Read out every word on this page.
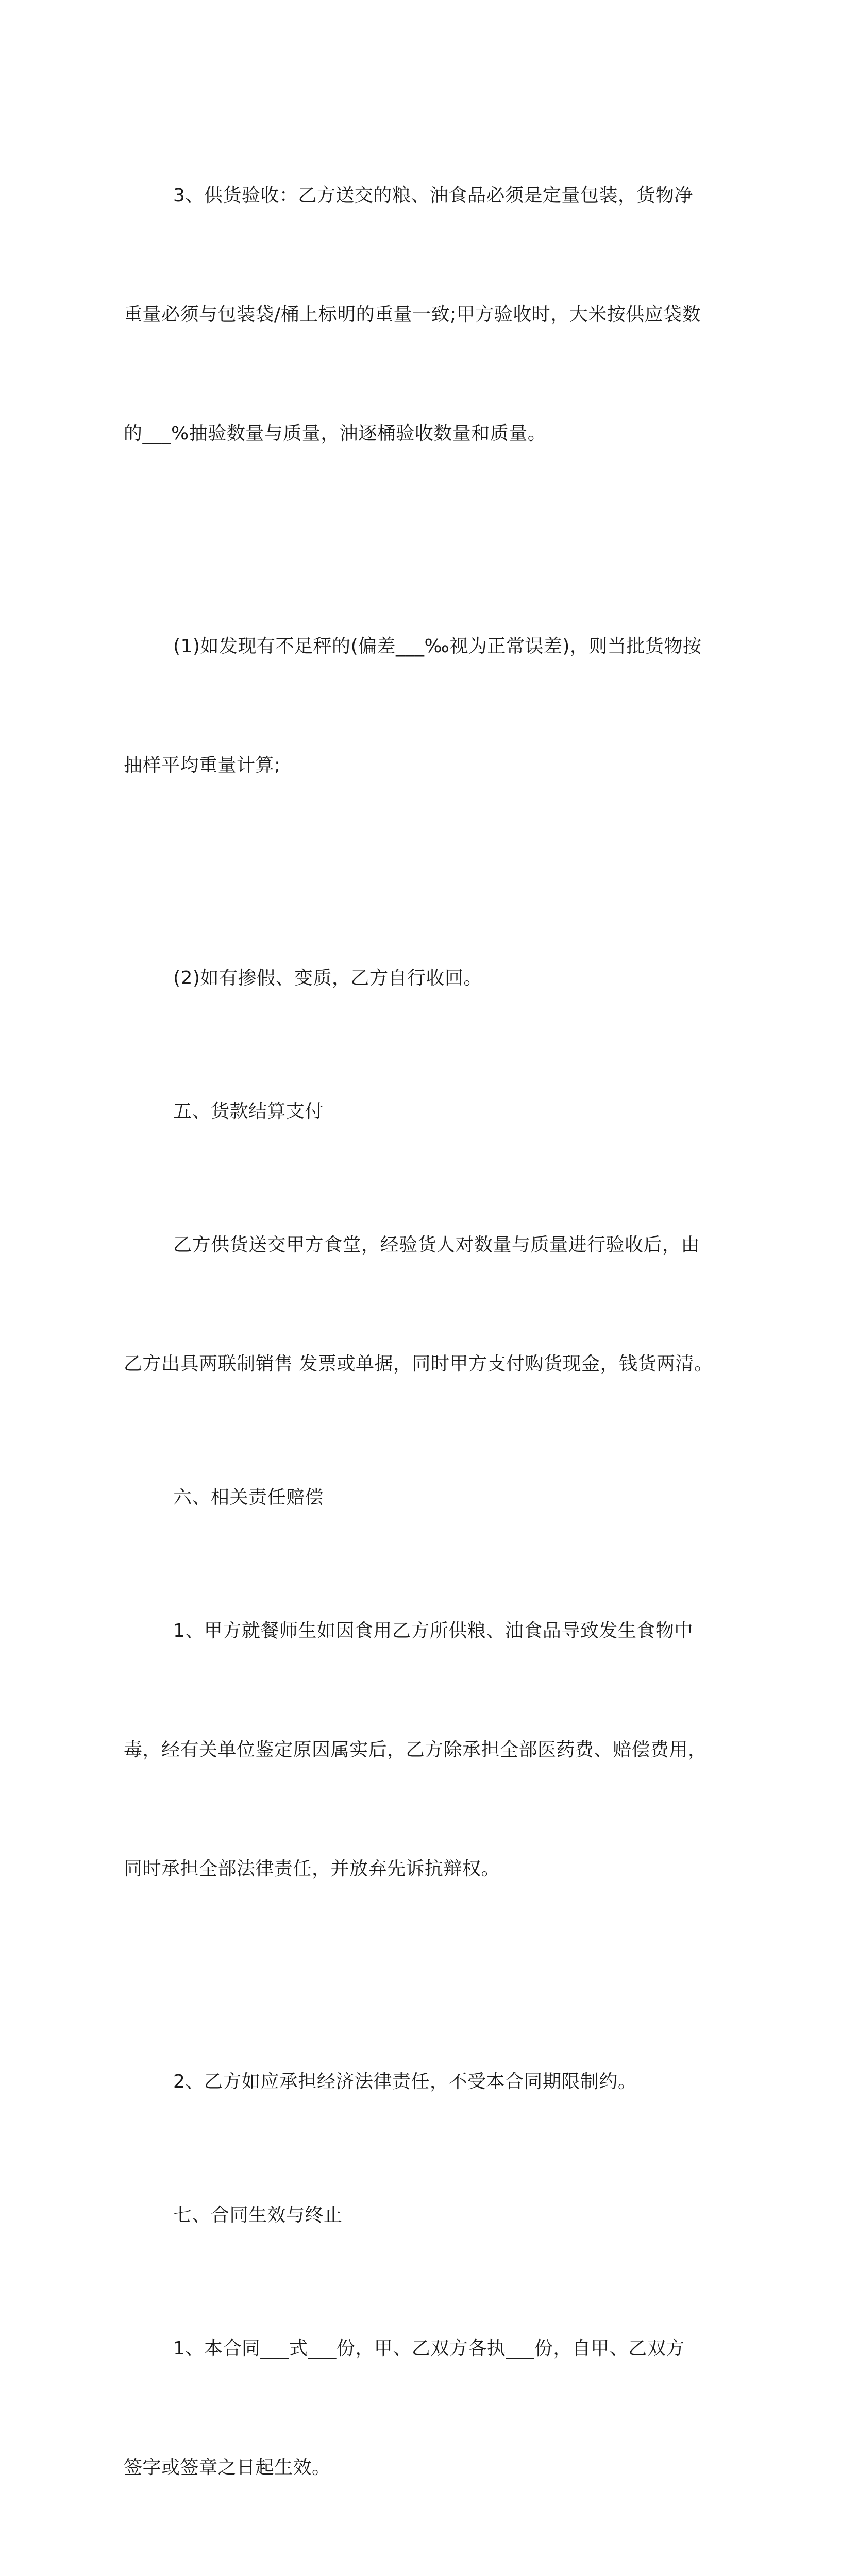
3、供货验收：乙方送交的粮、油食品必须是定量包装，货物净

重量必须与包装袋/桶上标明的重量一致;甲方验收时，大米按供应袋数

的___%抽验数量与质量，油逐桶验收数量和质量。

(1)如发现有不足秤的(偏差___‰视为正常误差)，则当批货物按

抽样平均重量计算;

(2)如有掺假、变质，乙方自行收回。

五、货款结算支付

乙方供货送交甲方食堂，经验货人对数量与质量进行验收后，由

乙方出具两联制销售 发票或单据，同时甲方支付购货现金，钱货两清。

六、相关责任赔偿

1、甲方就餐师生如因食用乙方所供粮、油食品导致发生食物中

毒，经有关单位鉴定原因属实后，乙方除承担全部医药费、赔偿费用，

同时承担全部法律责任，并放弃先诉抗辩权。

2、乙方如应承担经济法律责任，不受本合同期限制约。

七、合同生效与终止

1、本合同___式___份，甲、乙双方各执___份，自甲、乙双方

签字或签章之日起生效。
